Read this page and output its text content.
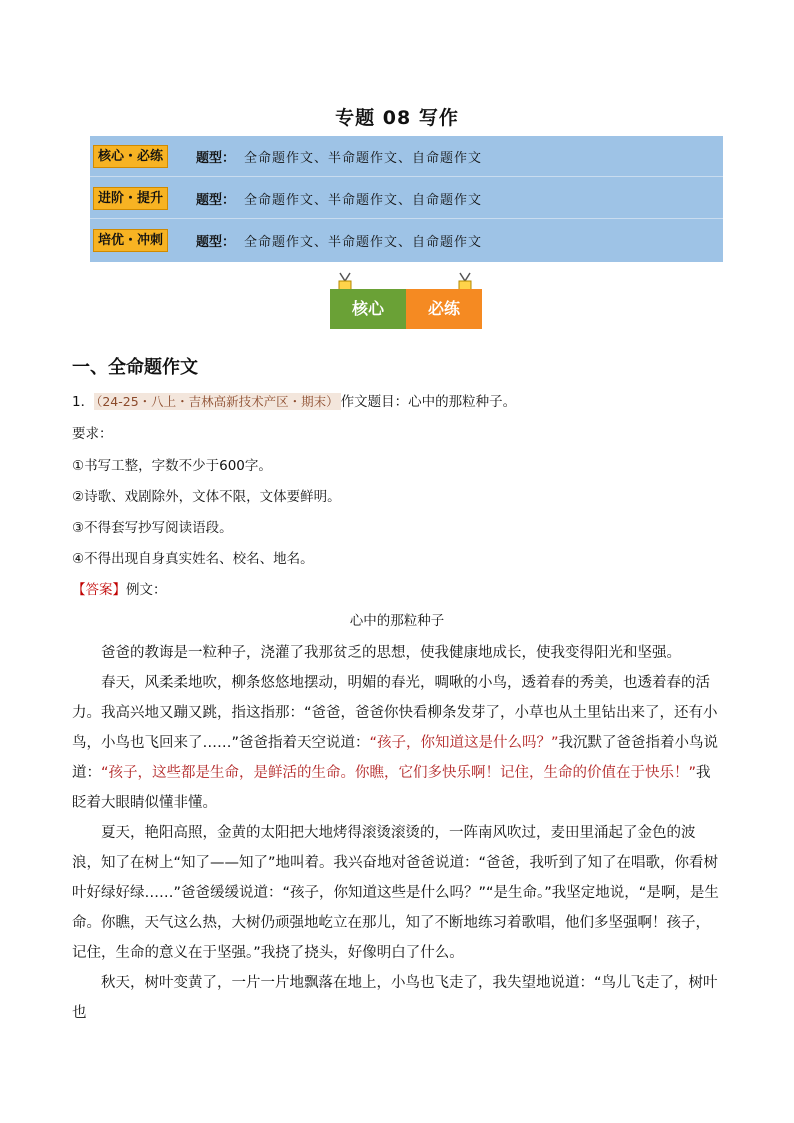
专题 08 写作
核心・必练	题型： 全命题作文、半命题作文、自命题作文
进阶・提升	题型： 全命题作文、半命题作文、自命题作文
培优・冲刺	题型： 全命题作文、半命题作文、自命题作文
核心	必练
一、全命题作文
1． （24-25・八上・吉林高新技术产区・期末） 作文题目：心中的那粒种子。
要求：
①书写工整，字数不少于600字。
②诗歌、戏剧除外，文体不限，文体要鲜明。
③不得套写抄写阅读语段。
④不得出现自身真实姓名、校名、地名。
【答案】例文：
心中的那粒种子

爸爸的教诲是一粒种子，浇灌了我那贫乏的思想，使我健康地成长，使我变得阳光和坚强。

春天，风柔柔地吹，柳条悠悠地摆动，明媚的春光，啁啾的小鸟，透着春的秀美，也透着春的活力。我高兴地又蹦又跳，指这指那：“爸爸，爸爸你快看柳条发芽了，小草也从土里钻出来了，还有小鸟，小鸟也飞回来了……”爸爸指着天空说道：“孩子，你知道这是什么吗？”我沉默了爸爸指着小鸟说道：“孩子，这些都是生命，是鲜活的生命。你瞧，它们多快乐啊！记住，生命的价值在于快乐！”我眨着大眼睛似懂非懂。

夏天，艳阳高照，金黄的太阳把大地烤得滚烫滚烫的，一阵南风吹过，麦田里涌起了金色的波浪，知了在树上“知了——知了”地叫着。我兴奋地对爸爸说道：“爸爸，我听到了知了在唱歌，你看树叶好绿好绿……”爸爸缓缓说道：“孩子，你知道这些是什么吗？”“是生命。”我坚定地说，“是啊，是生命。你瞧，天气这么热，大树仍顽强地屹立在那儿，知了不断地练习着歌唱，他们多坚强啊！孩子，记住，生命的意义在于坚强。”我挠了挠头，好像明白了什么。

秋天，树叶变黄了，一片一片地飘落在地上，小鸟也飞走了，我失望地说道：“鸟儿飞走了，树叶也
